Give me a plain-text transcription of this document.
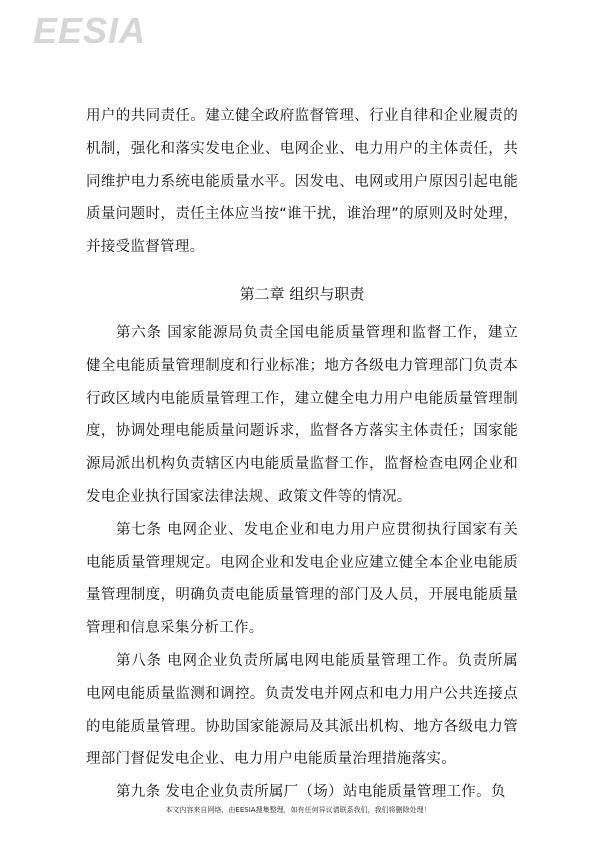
EESIA

用户的共同责任。建立健全政府监督管理、行业自律和企业履责的机制，强化和落实发电企业、电网企业、电力用户的主体责任，共同维护电力系统电能质量水平。因发电、电网或用户原因引起电能质量问题时，责任主体应当按“谁干扰，谁治理”的原则及时处理，并接受监督管理。

第二章 组织与职责

第六条 国家能源局负责全国电能质量管理和监督工作，建立健全电能质量管理制度和行业标准；地方各级电力管理部门负责本行政区域内电能质量管理工作，建立健全电力用户电能质量管理制度，协调处理电能质量问题诉求，监督各方落实主体责任；国家能源局派出机构负责辖区内电能质量监督工作，监督检查电网企业和发电企业执行国家法律法规、政策文件等的情况。

第七条 电网企业、发电企业和电力用户应贯彻执行国家有关电能质量管理规定。电网企业和发电企业应建立健全本企业电能质量管理制度，明确负责电能质量管理的部门及人员，开展电能质量管理和信息采集分析工作。

第八条 电网企业负责所属电网电能质量管理工作。负责所属电网电能质量监测和调控。负责发电并网点和电力用户公共连接点的电能质量管理。协助国家能源局及其派出机构、地方各级电力管理部门督促发电企业、电力用户电能质量治理措施落实。

第九条 发电企业负责所属厂（场）站电能质量管理工作。负

本文内容来自网络，由EESIA搜集整理，如有任何异议请联系我们，我们将删除处理！
